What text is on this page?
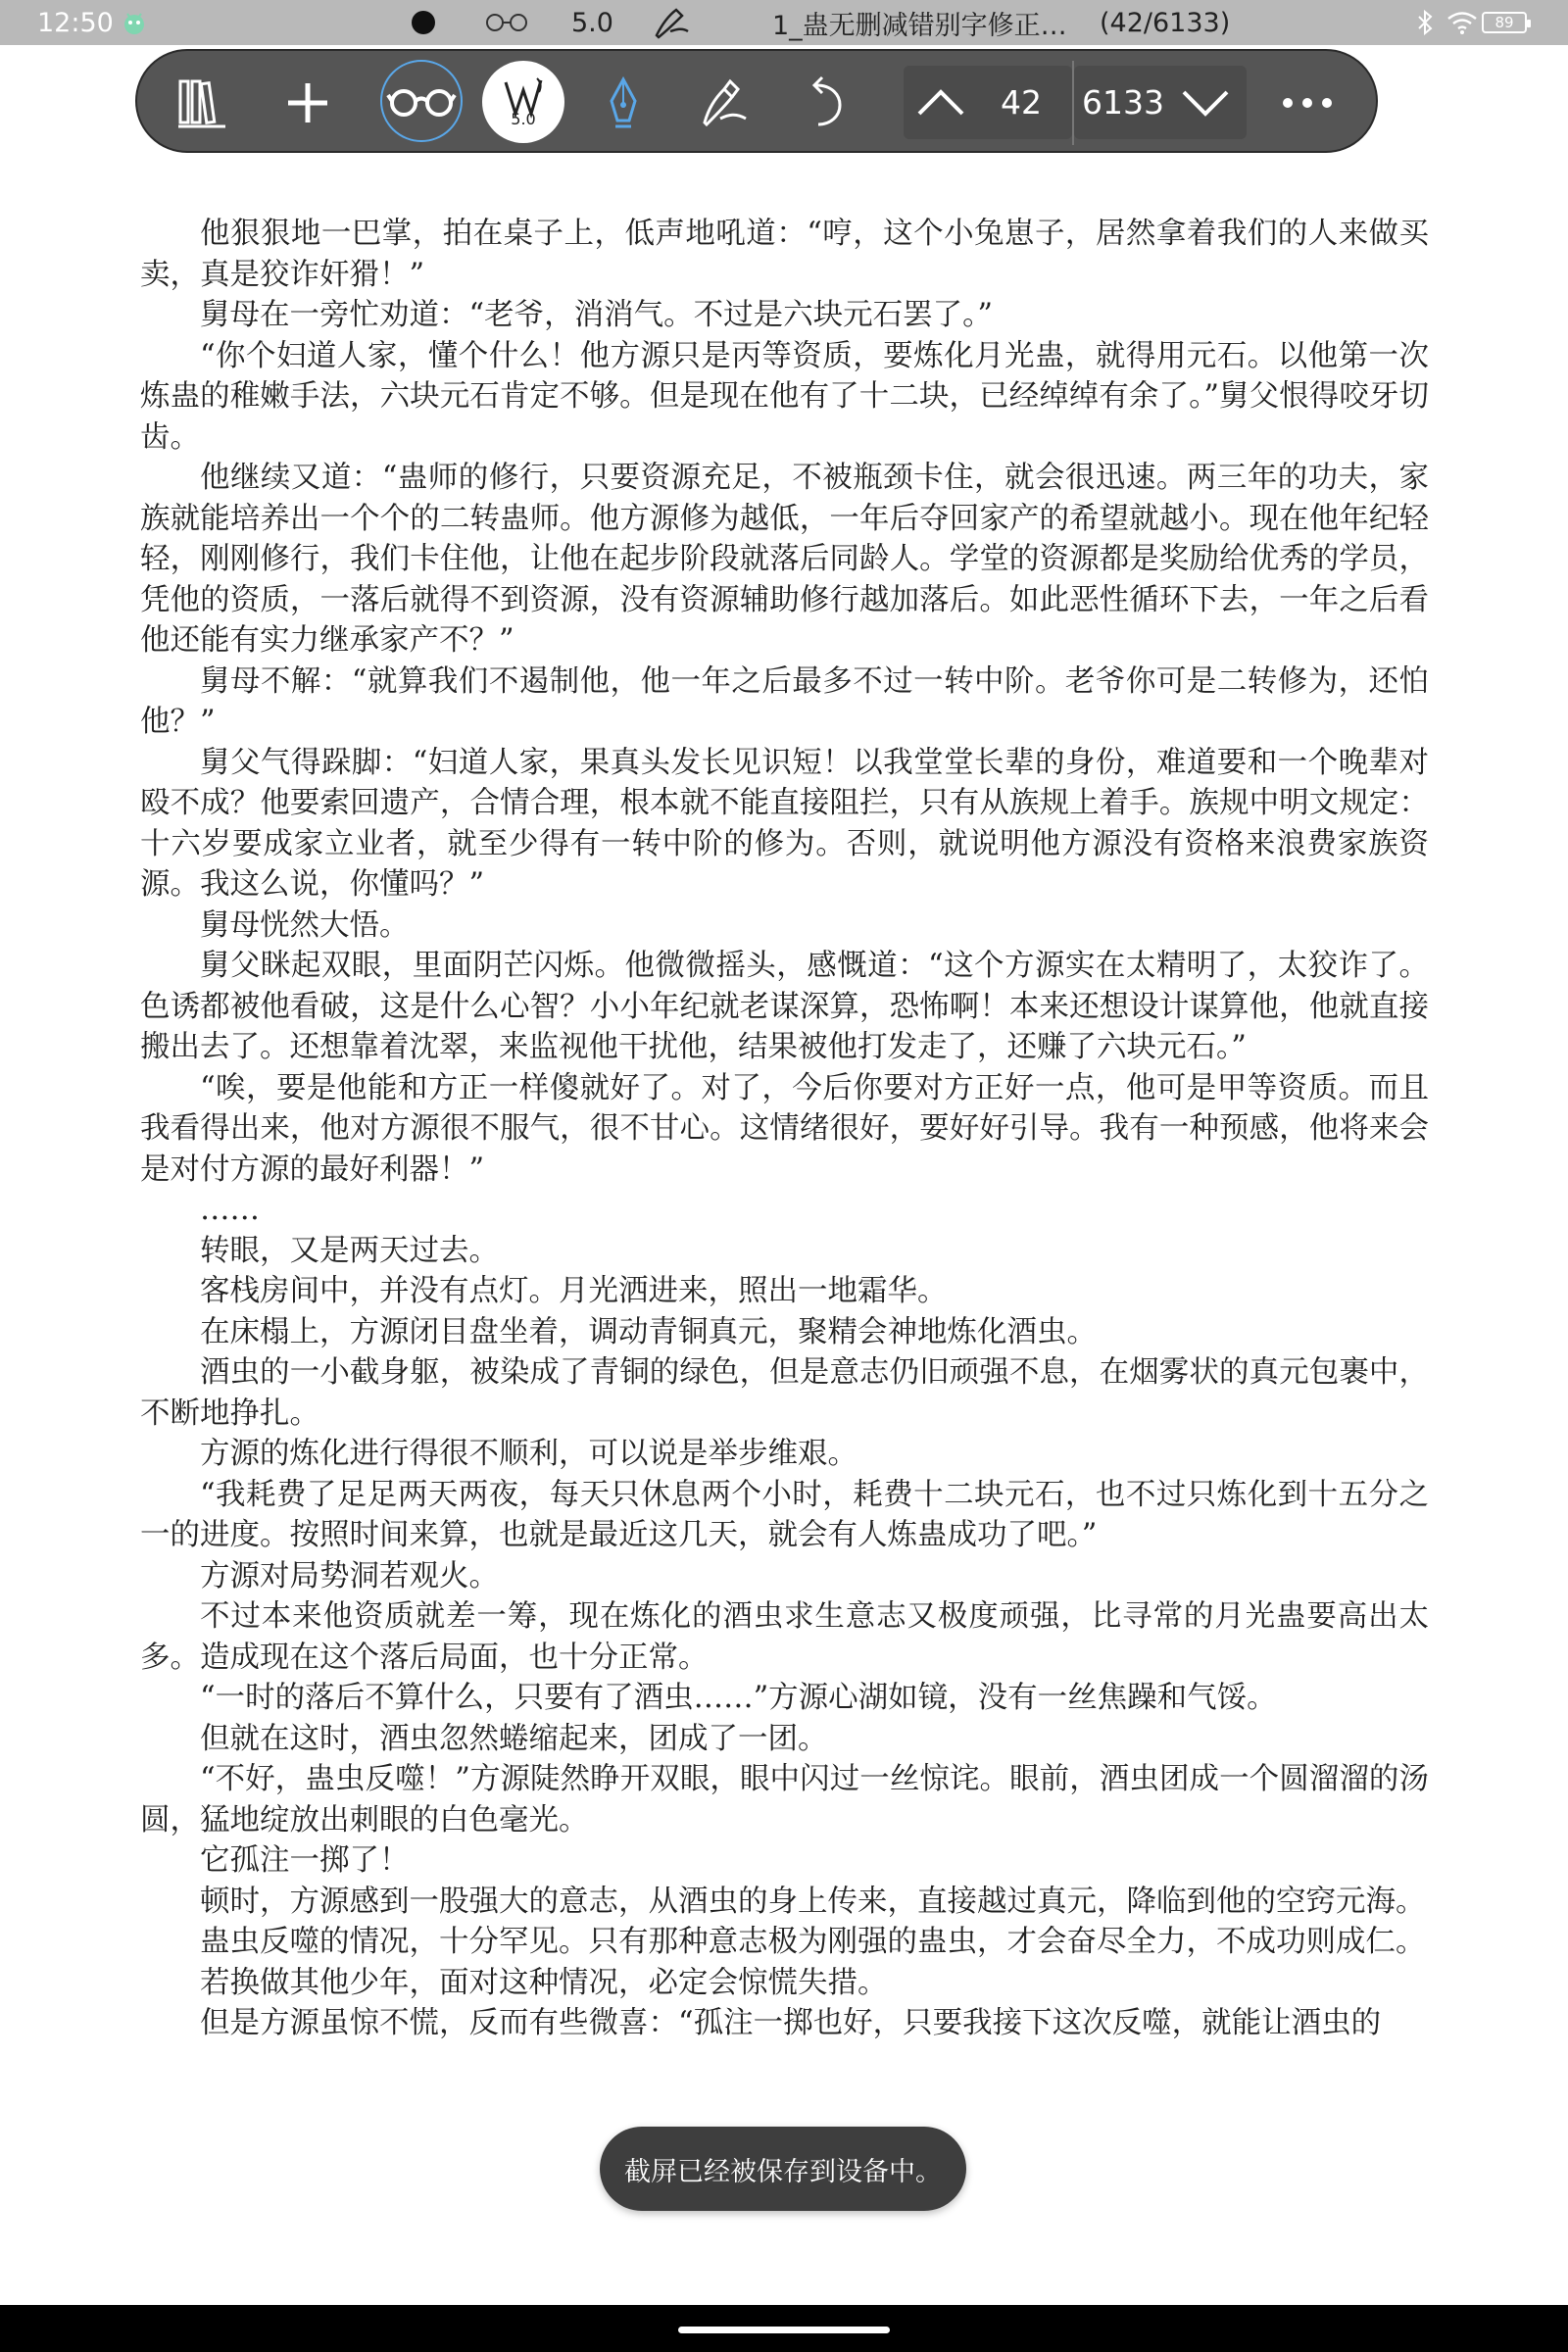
12:50	5.0	1_蛊无删减错别字修正… (42/6133)	89
5.0	42	6133

他狠狠地一巴掌，拍在桌子上，低声地吼道：“哼，这个小兔崽子，居然拿着我们的人来做买卖，真是狡诈奸猾！”

舅母在一旁忙劝道：“老爷，消消气。不过是六块元石罢了。”

“你个妇道人家，懂个什么！他方源只是丙等资质，要炼化月光蛊，就得用元石。以他第一次炼蛊的稚嫩手法，六块元石肯定不够。但是现在他有了十二块，已经绰绰有余了。”舅父恨得咬牙切齿。

他继续又道：“蛊师的修行，只要资源充足，不被瓶颈卡住，就会很迅速。两三年的功夫，家族就能培养出一个个的二转蛊师。他方源修为越低，一年后夺回家产的希望就越小。现在他年纪轻轻，刚刚修行，我们卡住他，让他在起步阶段就落后同龄人。学堂的资源都是奖励给优秀的学员，凭他的资质，一落后就得不到资源，没有资源辅助修行越加落后。如此恶性循环下去，一年之后看他还能有实力继承家产不？”

舅母不解：“就算我们不遏制他，他一年之后最多不过一转中阶。老爷你可是二转修为，还怕他？”

舅父气得跺脚：“妇道人家，果真头发长见识短！以我堂堂长辈的身份，难道要和一个晚辈对殴不成？他要索回遗产，合情合理，根本就不能直接阻拦，只有从族规上着手。族规中明文规定：十六岁要成家立业者，就至少得有一转中阶的修为。否则，就说明他方源没有资格来浪费家族资源。我这么说，你懂吗？”

舅母恍然大悟。

舅父眯起双眼，里面阴芒闪烁。他微微摇头，感慨道：“这个方源实在太精明了，太狡诈了。色诱都被他看破，这是什么心智？小小年纪就老谋深算，恐怖啊！本来还想设计谋算他，他就直接搬出去了。还想靠着沈翠，来监视他干扰他，结果被他打发走了，还赚了六块元石。”

“唉，要是他能和方正一样傻就好了。对了，今后你要对方正好一点，他可是甲等资质。而且我看得出来，他对方源很不服气，很不甘心。这情绪很好，要好好引导。我有一种预感，他将来会是对付方源的最好利器！”

……

转眼，又是两天过去。

客栈房间中，并没有点灯。月光洒进来，照出一地霜华。

在床榻上，方源闭目盘坐着，调动青铜真元，聚精会神地炼化酒虫。

酒虫的一小截身躯，被染成了青铜的绿色，但是意志仍旧顽强不息，在烟雾状的真元包裹中，不断地挣扎。

方源的炼化进行得很不顺利，可以说是举步维艰。

“我耗费了足足两天两夜，每天只休息两个小时，耗费十二块元石，也不过只炼化到十五分之一的进度。按照时间来算，也就是最近这几天，就会有人炼蛊成功了吧。”

方源对局势洞若观火。

不过本来他资质就差一筹，现在炼化的酒虫求生意志又极度顽强，比寻常的月光蛊要高出太多。造成现在这个落后局面，也十分正常。

“一时的落后不算什么，只要有了酒虫……”方源心湖如镜，没有一丝焦躁和气馁。

但就在这时，酒虫忽然蜷缩起来，团成了一团。

“不好，蛊虫反噬！”方源陡然睁开双眼，眼中闪过一丝惊诧。眼前，酒虫团成一个圆溜溜的汤圆，猛地绽放出刺眼的白色毫光。

它孤注一掷了！

顿时，方源感到一股强大的意志，从酒虫的身上传来，直接越过真元，降临到他的空窍元海。

蛊虫反噬的情况，十分罕见。只有那种意志极为刚强的蛊虫，才会奋尽全力，不成功则成仁。

若换做其他少年，面对这种情况，必定会惊慌失措。

但是方源虽惊不慌，反而有些微喜：“孤注一掷也好，只要我接下这次反噬，就能让酒虫的

截屏已经被保存到设备中。
